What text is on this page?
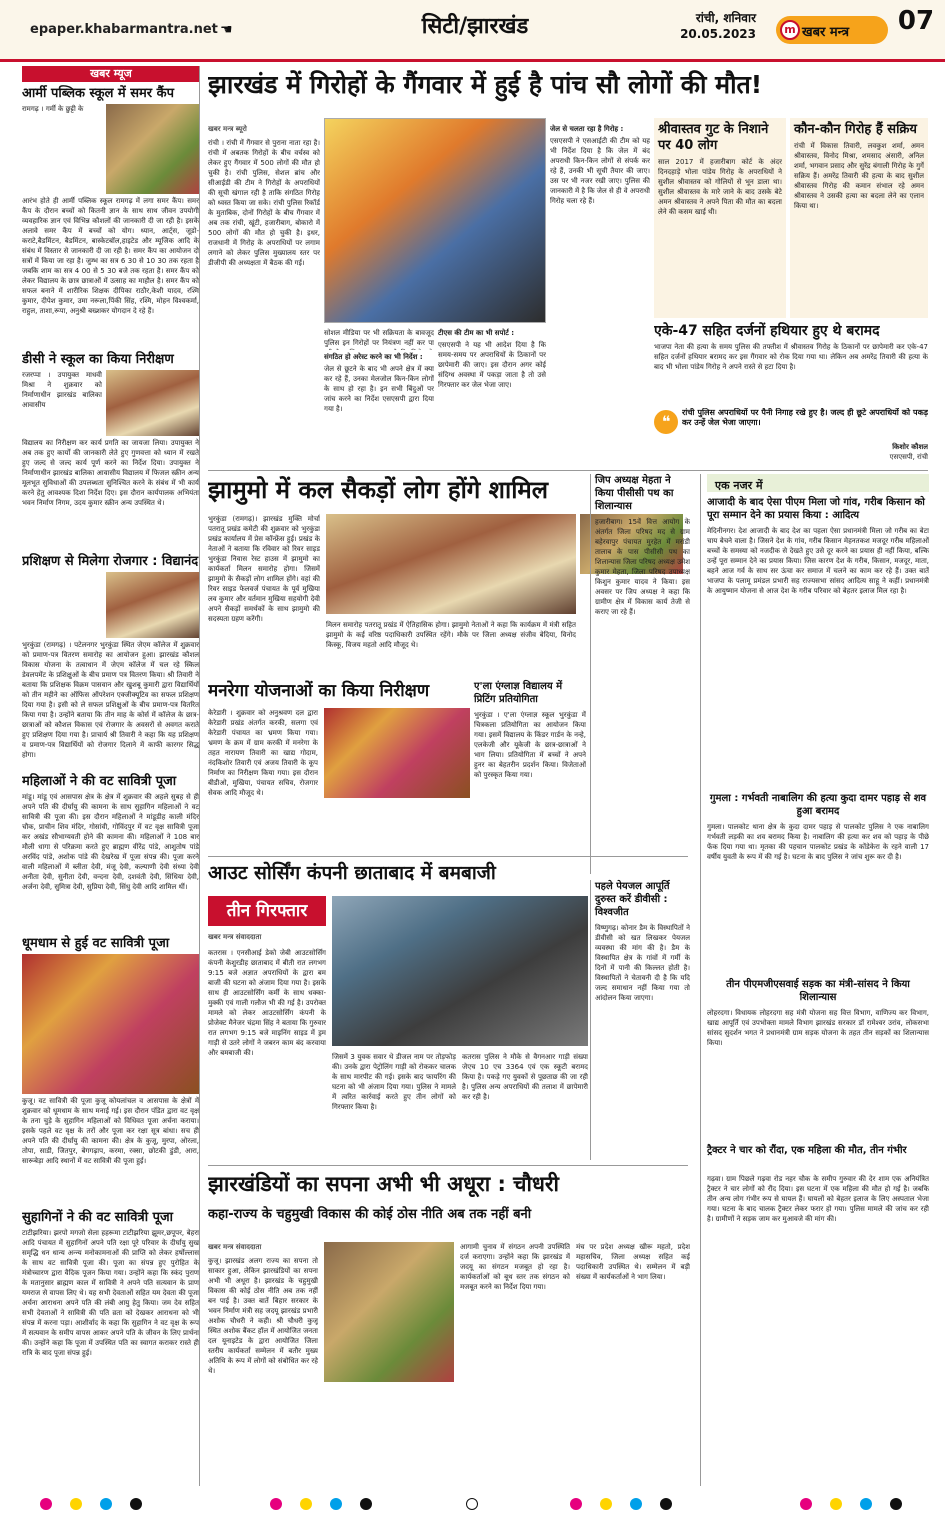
epaper.khabarmantra.net ☚	सिटी/झारखंड	रांची, शनिवार
20.05.2023	m खबर मन्त्र	07
खबर म्यूज
आर्मी पब्लिक स्कूल में समर कैंप
रामगढ़ । गर्मी के छुट्टी के
आरंभ होते ही आर्मी पब्लिक स्कूल रामगढ़ में लगा समर कैंप। समर कैंप के दौरान बच्चों को कितनी ज्ञान के साथ साथ जीवन उपयोगी व्यवहारिक ज्ञान एवं विभिन्न कौशलों की जानकारी दी जा रही है। इसके अलावे समर कैंप में बच्चों को योग। ध्यान, आर्ट्स, जूडो-कराटे,बैडमिंटन, बैडमिंटन, बास्केटबॉल,हाइटेड और म्यूजिक आदि के संबंध में विस्तार से जानकारी दी जा रही है। समर कैंप का आयोजन दो सत्रों में किया जा रहा है। जुम्भ का सत्र 6 30 से 10 30 तक रहता है जबकि शाम का सत्र 4 00 से 5 30 बजे तक रहता है। समर कैंप को लेकर विद्यालय के छात्र छात्राओं में उत्साह का माहौल है। समर कैंप को सफल बनाने में शारीरिक शिक्षक दीपिका राठौर,केशी यादव, रश्मि कुमार, दीपेश कुमार, उमा नरूला,पिंकी सिंह, रश्मि, मोहन विश्वकर्मा, राहुल, ताशा,रूपा, अनुश्री बख्शकर योगदान दे रहे हैं।
डीसी ने स्कूल का किया निरीक्षण
रजरप्पा । उपायुक्त माधवी मिश्रा ने शुक्रवार को निर्माणाधीन झारखंड बालिका आवासीय
विद्यालय का निरीक्षण कर कार्य प्रगति का जायजा लिया। उपायुक्त ने अब तक हुए कार्यों की जानकारी लेते हुए गुणवत्ता को ध्यान में रखते हुए जल्द से जल्द कार्य पूर्ण करने का निर्देश दिया। उपायुक्त ने निर्माणाधीन झारखंड बालिका आवासीय विद्यालय में फिजल स्क्रीन अन्य मूलभूत सुविधाओं की उपलब्धता सुनिश्चित करने के संबंध में भी कार्य करने हेतु आवश्यक दिशा निर्देश दिए। इस दौरान कार्यपालक अभियंता भवन निर्माण निगम, उदय कुमार स्क्रीन अन्य उपस्थित थे।
प्रशिक्षण से मिलेगा रोजगार : विद्यानंद
भुरकुंडा (रामगढ़) । पटेलनगर भुरकुंडा स्थित जेएम कॉलेज में शुक्रवार को प्रमाण-पत्र वितरण समारोह का आयोजन हुआ। झारखंड कौशल विकास योजना के तत्वाधान में जेएम कॉलेज में चल रहे स्किल डेवलपमेंट के प्रशिक्षुओं के बीच प्रमाण पत्र वितरण किया। श्री तिवारी ने बताया कि प्रशिक्षक विक्रम पासवान और खुशबू कुमारी द्वारा विद्यार्थियों को तीन महीने का ऑफिस ऑपरेशन एक्जीक्यूटिव का सफल प्रशिक्षण दिया गया है। इसी को ले सफल प्रशिक्षुओं के बीच प्रमाण-पत्र वितरित किया गया है। उन्होंने बताया कि तीन माह के कोर्स में कॉलेज के छात्र-छात्राओं को कौशल विकास एवं रोजगार के अवसरों से अवगत कराते हुए प्रशिक्षण दिया गया है। प्राचार्य श्री तिवारी ने कहा कि यह प्रशिक्षण व प्रमाण-पत्र विद्यार्थियों को रोजगार दिलाने में काफी कारगर सिद्ध होगा।
महिलाओं ने की वट सावित्री पूजा
मांडू। मांडू एवं आसपास क्षेत्र के क्षेत्र में शुक्रवार की अहले सुबह से ही अपने पति की दीर्घायु की कामना के साथ सुहागिन महिलाओं ने वट सावित्री की पूजा की। इस दौरान महिलाओं ने मांडूडीह काली मंदिर चौक, प्राचीन शिव मंदिर, गोसांवी, गोविंदपुर में वट वृक्ष सावित्री पूजा कर अखंड सौभाग्यवती होने की कामना की। महिलाओं ने 108 बार मौली धागा से परिक्रमा करते हुए ब्राह्मण वीरेंद्र पांडे, आशुतोष पांडे अरविंद पांडे, अशोक पांडे की देखरेख में पूजा संपन्न की। पूजा करने वाली महिलाओं में ब्लीता देवी, मंजू देवी, कल्याणी देवी संध्या देवी अनीता देवी, सुनीता देवी, वन्दना देवी, दशवंती देवी, सिंधिया देवी, अर्जना देवी, सुमित्रा देवी, सुप्रिया देवी, सिंधु देवी आदि शामिल थीं।
धूमधाम से हुई वट सावित्री पूजा
कुजू। वट सावित्री की पूजा कुजू कोयलांचल व आसपास के क्षेत्रों में शुक्रवार को धूमधाम के साथ मनाई गई। इस दौरान पंडित द्वारा वट वृक्ष के तना चुड़े के सुहागिन महिलाओं को विधिवत पूजा अर्चना कराया। इसके पहले वट वृक्ष के तरों और पूजा कर रक्षा सूत्र बांधा। सच ही अपने पति की दीर्घायु की कामना की। क्षेत्र के कुजू, मुरपा, ओरला, तोपा, साडी, जितपुर, बेगगढ़ाप, करमा, रक्सा, छोटकी डुंडी, आरा, सारूबेड़ा आदि स्थानों में वट सावित्री की पूजा हुई।
सुहागिनों ने की वट सावित्री पूजा
टाटीझरिया। झरपो मगजो सेला हहरूमा टाटीझरिया झूमर,छपूपर, बेहरा आदि पंचायत में सुहागिनों अपने पति रक्षा पूरे परिवार के दीर्घायु सुख समृद्धि धन धान्य अन्न्य मनोकामनाओं की प्राप्ति को लेकर हर्षोल्लास के साथ वट सावित्री पूजा की। पूजा का संपन्न हुए पुरोहित के मंत्रोच्चारण द्वारा वैदिक पूजन किया गया। उन्होंने कहा कि स्कंद पुराण के मतानुसार ब्राह्मण काल में सावित्री ने अपने पति सत्यवान के प्राण यमराज से वापस लिए थे। यह सभी देवताओं सहित यम देवता की पूजा अर्चना आराधना अपने पति की लंबी आयु हेतु किया। जम देव सहित सभी देवताओं ने सावित्री की पति व्रता को देखकर आराधना को भी संपन्न में करना पड़ा। आशीर्वाद के कहा कि सुहागिन ने वट वृक्ष के रूप में सत्यवान के समीप वापस आकर अपने पति के जीवन के लिए प्रार्थना की। उन्होंने कहा कि पूजा में उपस्थित पति का स्वागत कराकर रास्ते ही रात्रि के बाद पूजा संपन्न हुई।
झारखंड में गिरोहों के गैंगवार में हुई है पांच सौ लोगों की मौत!
खबर मन्त्र ब्यूरो
रांची । रांची में गैंगवार से पुराना नाता रहा है। रांची में अबतक गिरोहों के बीच वर्चस्व को लेकर हुए गैंगवार में 500 लोगों की मौत हो चुकी है। रांची पुलिस, सेशल ब्रांच और सीआईडी की टीम ने गिरोहों के अपराधियों की सूची खंगाल रही है ताकि संगठित गिरोह को ध्वस्त किया जा सके। रांची पुलिस रिकॉर्ड के मुताबिक, दोनों गिरोहों के बीच गैंगवार में अब तक रांची, खूंटी, हजारीबाग, बोकारो में 500 लोगों की मौत हो चुकी है। इधर, राजधानी में गिरोह के अपराधियों पर लगाम लगाने को लेकर पुलिस मुख्यालय स्तर पर डीजीपी की अध्यक्षता में बैठक की गई।
सोशल मीडिया पर भी सक्रियता के बावजूद पुलिस इन गिरोहों पर नियंत्रण नहीं कर पा
संगठित हो अरेस्ट करने का भी निर्देश :
जेल से छूटने के बाद भी अपने क्षेत्र में क्या कर रहे हैं, उनका मेलजोल किन-किन लोगों के साथ हो रहा है। इन सभी बिंदुओं पर जांच करने का निर्देश एसएसपी द्वारा दिया गया है।
टीएस की टीम का भी सपोर्ट :
एसएसपी ने यह भी आदेश दिया है कि समय-समय पर अपराधियों के ठिकानों पर छापेमारी की जाए। इस दौरान अगर कोई संदिग्ध अवस्था में पकड़ा जाता है तो उसे गिरफ्तार कर जेल भेजा जाए।
जेल से चलता रहा है गिरोह :
एसएसपी ने एसआईटी की टीम को यह भी निर्देश दिया है कि जेल में बंद अपराधी किन-किन लोगों से संपर्क कर रहे हैं, उनकी भी सूची तैयार की जाए। उस पर भी नजर रखी जाए। पुलिस की जानकारी में है कि जेल से ही वे अपराधी गिरोह चला रहे हैं।
श्रीवास्तव गुट के निशाने पर 40 लोग
साल 2017 में हजारीबाग कोर्ट के अंदर दिनदहाड़े भोला पांडेय गिरोह के अपराधियों ने सुशील श्रीवास्तव को गोलियों से भून डाला था। सुशील श्रीवास्तव के मारे जाने के बाद उसके बेटे अमन श्रीवास्तव ने अपने पिता की मौत का बदला लेने की कसम खाई थी।
कौन-कौन गिरोह हैं सक्रिय
रांची में विकास तिवारी, लवकुश शर्मा, अमन श्रीवास्तव, विनोद मिश्रा, शमसाद अंसारी, अनिल शर्मा, भगवान प्रसाद और सुरेंद्र बंगाली गिरोह के गुर्गे सक्रिय हैं। अमरेंद्र तिवारी की हत्या के बाद सुशील श्रीवास्तव गिरोह की कमान संभाल रहे अमन श्रीवास्तव ने उसकी हत्या का बदला लेने का एलान किया था।
एके-47 सहित दर्जनों हथियार हुए थे बरामद
भाजपा नेता की हत्या के समय पुलिस की तफ्तीश में श्रीवास्तव गिरोह के ठिकानों पर छापेमारी कर एके-47 सहित दर्जनों हथियार बरामद कर इस गैंगवार को रोक दिया गया था। लेकिन अब अमरेंद्र तिवारी की हत्या के बाद भी भोला पांडेय गिरोह ने अपने रास्ते से हटा दिया है।
❝	रांची पुलिस अपराधियों पर पैनी निगाह रखे हुए है। जल्द ही छूटे अपराधियों को पकड़ कर उन्हें जेल भेजा जाएगा।
किशोर कौशल
एसएसपी, रांची
झामुमो में कल सैकड़ों लोग होंगे शामिल
भुरकुंडा (रामगढ़)। झारखंड मुक्ति मोर्चा पतरातू प्रखंड कमेटी की शुक्रवार को भुरकुंडा प्रखंड कार्यालय में प्रेस कॉन्फ्रेंस हुई। प्रखंड के नेताओं ने बताया कि रविवार को रिवर साइड भुरकुंडा निवास रेस्ट हाउस में झामुमो का कार्यकर्ता मिलन समारोह होगा। जिसमें झामुमो के सैकड़ों लोग शामिल होंगे। वहां की रिवर साइड फेलवर्ज पंचायत के पूर्व मुखिया लव कुमार और वर्तमान मुखिया सहयोगी देवी अपने सैकड़ों समर्थकों के साथ झामुमो की सदस्यता ग्रहण करेंगी।
मिलन समारोह पतरातू प्रखंड में ऐतिहासिक होगा। झामुमो नेताओं ने कहा कि कार्यक्रम में मंत्री सहित झामुमो के कई वरिष्ठ पदाधिकारी उपस्थित रहेंगे। मौके पर जिला अध्यक्ष संजीव बेदिया, विनोद किस्कू, विजय महतो आदि मौजूद थे।
जिप अध्यक्ष मेहता ने किया पीसीसी पथ का शिलान्यास
हजारीबाग। 15वें वित्त आयोग के अंतर्गत जिला परिषद मद से ग्राम बहेरवापुर पंचायत मुरहेत में मरांडी तालाब के पास पीसीसी पथ का शिलान्यास जिला परिषद अध्यक्ष उमेश कुमार मेहता, जिला परिषद उपाध्यक्ष किशुन कुमार यादव ने किया। इस अवसर पर जिप अध्यक्ष ने कहा कि ग्रामीण क्षेत्र में विकास कार्य तेजी से कराए जा रहे हैं।
मनरेगा योजनाओं का किया निरीक्षण
केरेडारी । शुक्रवार को अनुश्रवण दल द्वारा केरेडारी प्रखंड अंतर्गत करकी, सलगा एवं केरेडारी पंचायत का भ्रमण किया गया। भ्रमण के क्रम में ग्राम करकी में मनरेगा के तहत नारायण तिवारी का खाद्य गोदाम, नंदकिशोर तिवारी एवं अजय तिवारी के कूप निर्माण का निरीक्षण किया गया। इस दौरान बीडीओ, मुखिया, पंचायत सचिव, रोजगार सेवक आदि मौजूद थे।
ए'ला एंग्लाज्ञ विद्यालय में प्रिटिंग प्रतियोगिता
भुरकुंडा । ए'ला एंग्लाज्ञ स्कूल भुरकुंडा में चित्रकला प्रतियोगिता का आयोजन किया गया। इसमें विद्यालय के किंडर गार्डन के नन्हे, एलकेजी और यूकेजी के छात्र-छात्राओं ने भाग लिया। प्रतियोगिता में बच्चों ने अपने हुनर का बेहतरीन प्रदर्शन किया। विजेताओं को पुरस्कृत किया गया।
आउट सोर्सिंग कंपनी छाताबाद में बमबाजी
तीन गिरफ्तार
खबर मन्त्र संवाददाता
कतरास । एनसीआई डेको जेबी आउटसोर्सिंग कंपनी केशुरडीह छाताबाद में बीती रात लगभग 9:15 बजे अज्ञात अपराधियों के द्वारा बम बाजी की घटना को अंजाम दिया गया है। इसके साथ ही आउटसोर्सिंग कर्मी के साथ धक्का-मुक्की एवं गाली गलौज भी की गई है। उपरोक्त मामले को लेकर आउटसोर्सिंग कंपनी के प्रोजेक्ट मैनेजर चंद्रमा सिंह ने बताया कि गुरुवार रात लगभग 9:15 बजे माइनिंग साइड में ड्रम गाड़ी से उतरे लोगों ने जबरन काम बंद करवाया और बमबाजी की।	जिसमें 3 युवक सवार थे डीजल नाम पर तोड़फोड़ की। उनके द्वारा पेट्रोलिंग गाड़ी को रोककर चालक के साथ मारपीट की गई। इसके बाद फायरिंग की घटना को भी अंजाम दिया गया। पुलिस ने मामले में त्वरित कार्रवाई करते हुए तीन लोगों को गिरफ्तार किया है।
कतरास पुलिस ने मौके से वैगनआर गाड़ी संख्या जेएच 10 एच 3364 एवं एक स्कूटी बरामद किया है। पकड़े गए युवकों से पूछताछ की जा रही है। पुलिस अन्य अपराधियों की तलाश में छापेमारी कर रही है।
पहले पेयजल आपूर्ति दुरुस्त करें डीवीसी : विश्वजीत
विष्णुगढ़। कोनार डैम के विस्थापितों ने डीवीसी को खत लिखकर पेयजल व्यवस्था की मांग की है। डैम के विस्थापित क्षेत्र के गांवों में गर्मी के दिनों में पानी की किल्लत होती है। विस्थापितों ने चेतावनी दी है कि यदि जल्द समाधान नहीं किया गया तो आंदोलन किया जाएगा।
झारखंडियों का सपना अभी भी अधूरा : चौधरी
कहा-राज्य के चहुमुखी विकास की कोई ठोस नीति अब तक नहीं बनी
खबर मन्त्र संवाददाता
कुजू। झारखंड अलग राज्य का सपना तो साकार हुआ, लेकिन झारखंडियों का सपना अभी भी अधूरा है। झारखंड के चहुमुखी विकास की कोई ठोस नीति अब तक नहीं बन पाई है। उक्त बातें बिहार सरकार के भवन निर्माण मंत्री सह जदयू झारखंड प्रभारी अशोक चौधरी ने कही। श्री चौधरी कुजू स्थित अशोक बैंकट हॉल में आयोजित जनता दल यूनाइटेड के द्वारा आयोजित जिला स्तरीय कार्यकर्ता सम्मेलन में बतौर मुख्य अतिथि के रूप में लोगों को संबोधित कर रहे थे।
आगामी चुनाव में संगठन अपनी उपस्थिति दर्ज कराएगा। उन्होंने कहा कि झारखंड में जदयू का संगठन मजबूत हो रहा है। कार्यकर्ताओं को बूथ स्तर तक संगठन को मजबूत करने का निर्देश दिया गया।
मंच पर प्रदेश अध्यक्ष खीरू महतो, प्रदेश महासचिव, जिला अध्यक्ष सहित कई पदाधिकारी उपस्थित थे। सम्मेलन में बड़ी संख्या में कार्यकर्ताओं ने भाग लिया।
एक नजर में
आजादी के बाद ऐसा पीएम मिला जो गांव, गरीब किसान को पूरा सम्मान देने का प्रयास किया : आदित्य
मेदिनीनगर। देश आजादी के बाद देश का पहला ऐसा प्रधानमंत्री मिला जो गरीब का बेटा चाय बेचने वाला है। जिसने देश के गांव, गरीब किसान मेहनतकश मजदूर गरीब महिलाओं बच्चों के समस्या को नजदीक से देखते हुए उसे दूर करने का प्रयास ही नहीं किया, बल्कि उन्हें पूरा सम्मान देने का प्रयास किया। जिस कारण देश के गरीब, किसान, मजदूर, माता, बहने आज गर्व के साथ सर ऊंचा कर समाज में चलने का काम कर रहे हैं। उक्त बातें भाजपा के पलामू प्रमंडल प्रभारी सह राज्यसभा सांसद आदित्य साहू ने कहीं। प्रधानमंत्री के आयुष्मान योजना से आज देश के गरीब परिवार को बेहतर इलाज मिल रहा है।
गुमला : गर्भवती नाबालिग की हत्या कुदा दामर पहाड़ से शव हुआ बरामद
गुमला। पालकोट थाना क्षेत्र के कुदा दामर पहाड़ से पालकोट पुलिस ने एक नाबालिग गर्भवती लड़की का शव बरामद किया है। नाबालिग की हत्या कर शव को पहाड़ के पीछे फेंक दिया गया था। मृतका की पहचान पालकोट प्रखंड के कोंडेकेरा के रहने वाली 17 वर्षीय युवती के रूप में की गई है। घटना के बाद पुलिस ने जांच शुरू कर दी है।
तीन पीएमजीएसवाई सड़क का मंत्री-सांसद ने किया शिलान्यास
लोहरदगा। विधायक लोहरदगा सह मंत्री योजना सह वित्त विभाग, वाणिज्य कर विभाग, खाद्य आपूर्ति एवं उपभोक्ता मामले विभाग झारखंड सरकार डॉ रामेश्वर उरांव, लोकसभा सांसद सुदर्शन भगत ने प्रधानमंत्री ग्राम सड़क योजना के तहत तीन सड़कों का शिलान्यास किया।
ट्रैक्टर ने चार को रौंदा, एक महिला की मौत, तीन गंभीर
गढ़वा। ग्राम पिछले गढ़वा रोड नहर चौक के समीप गुरुवार की देर शाम एक अनियंत्रित ट्रैक्टर ने चार लोगों को रौंद दिया। इस घटना में एक महिला की मौत हो गई है। जबकि तीन अन्य लोग गंभीर रूप से घायल हैं। घायलों को बेहतर इलाज के लिए अस्पताल भेजा गया। घटना के बाद चालक ट्रैक्टर लेकर फरार हो गया। पुलिस मामले की जांच कर रही है। ग्रामीणों ने सड़क जाम कर मुआवजे की मांग की।
